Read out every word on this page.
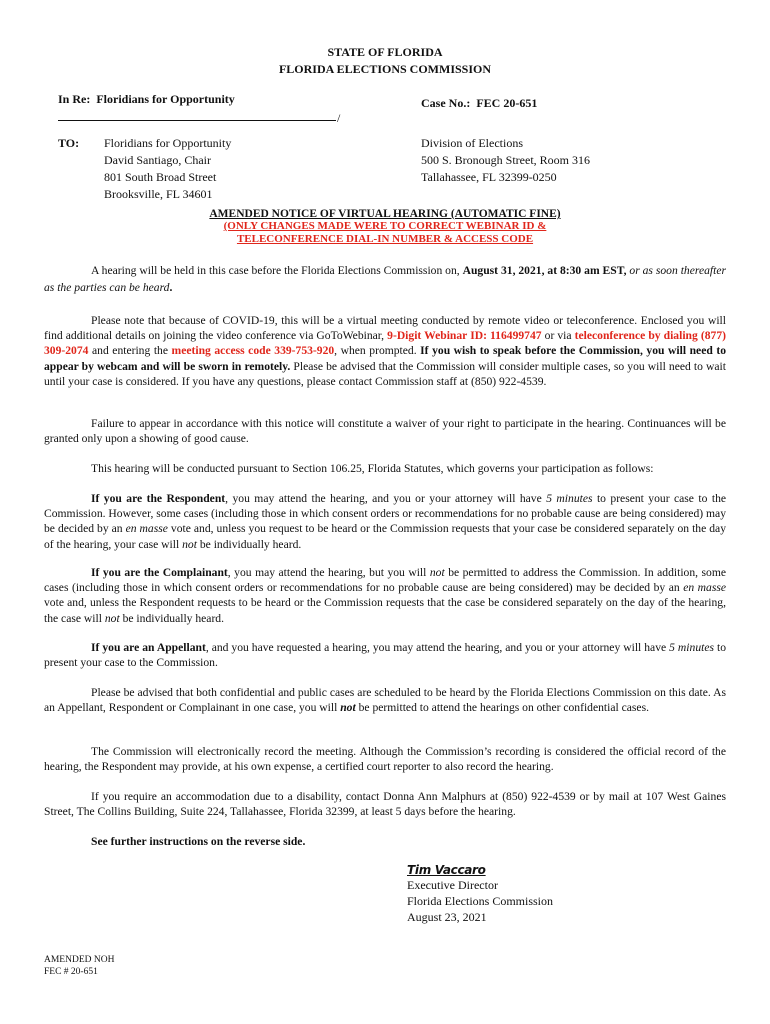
STATE OF FLORIDA
FLORIDA ELECTIONS COMMISSION
In Re: Floridians for Opportunity
/
Case No.: FEC 20-651
TO: Floridians for Opportunity
David Santiago, Chair
801 South Broad Street
Brooksville, FL 34601
Division of Elections
500 S. Bronough Street, Room 316
Tallahassee, FL 32399-0250
AMENDED NOTICE OF VIRTUAL HEARING (AUTOMATIC FINE)
(ONLY CHANGES MADE WERE TO CORRECT WEBINAR ID &
TELECONFERENCE DIAL-IN NUMBER & ACCESS CODE
A hearing will be held in this case before the Florida Elections Commission on, August 31, 2021, at 8:30 am EST, or as soon thereafter as the parties can be heard.
Please note that because of COVID-19, this will be a virtual meeting conducted by remote video or teleconference. Enclosed you will find additional details on joining the video conference via GoToWebinar, 9-Digit Webinar ID: 116499747 or via teleconference by dialing (877) 309-2074 and entering the meeting access code 339-753-920, when prompted. If you wish to speak before the Commission, you will need to appear by webcam and will be sworn in remotely. Please be advised that the Commission will consider multiple cases, so you will need to wait until your case is considered. If you have any questions, please contact Commission staff at (850) 922-4539.
Failure to appear in accordance with this notice will constitute a waiver of your right to participate in the hearing. Continuances will be granted only upon a showing of good cause.
This hearing will be conducted pursuant to Section 106.25, Florida Statutes, which governs your participation as follows:
If you are the Respondent, you may attend the hearing, and you or your attorney will have 5 minutes to present your case to the Commission. However, some cases (including those in which consent orders or recommendations for no probable cause are being considered) may be decided by an en masse vote and, unless you request to be heard or the Commission requests that your case be considered separately on the day of the hearing, your case will not be individually heard.
If you are the Complainant, you may attend the hearing, but you will not be permitted to address the Commission. In addition, some cases (including those in which consent orders or recommendations for no probable cause are being considered) may be decided by an en masse vote and, unless the Respondent requests to be heard or the Commission requests that the case be considered separately on the day of the hearing, the case will not be individually heard.
If you are an Appellant, and you have requested a hearing, you may attend the hearing, and you or your attorney will have 5 minutes to present your case to the Commission.
Please be advised that both confidential and public cases are scheduled to be heard by the Florida Elections Commission on this date. As an Appellant, Respondent or Complainant in one case, you will not be permitted to attend the hearings on other confidential cases.
The Commission will electronically record the meeting. Although the Commission’s recording is considered the official record of the hearing, the Respondent may provide, at his own expense, a certified court reporter to also record the hearing.
If you require an accommodation due to a disability, contact Donna Ann Malphurs at (850) 922-4539 or by mail at 107 West Gaines Street, The Collins Building, Suite 224, Tallahassee, Florida 32399, at least 5 days before the hearing.
See further instructions on the reverse side.
Tim Vaccaro
Executive Director
Florida Elections Commission
August 23, 2021
AMENDED NOH
FEC # 20-651
